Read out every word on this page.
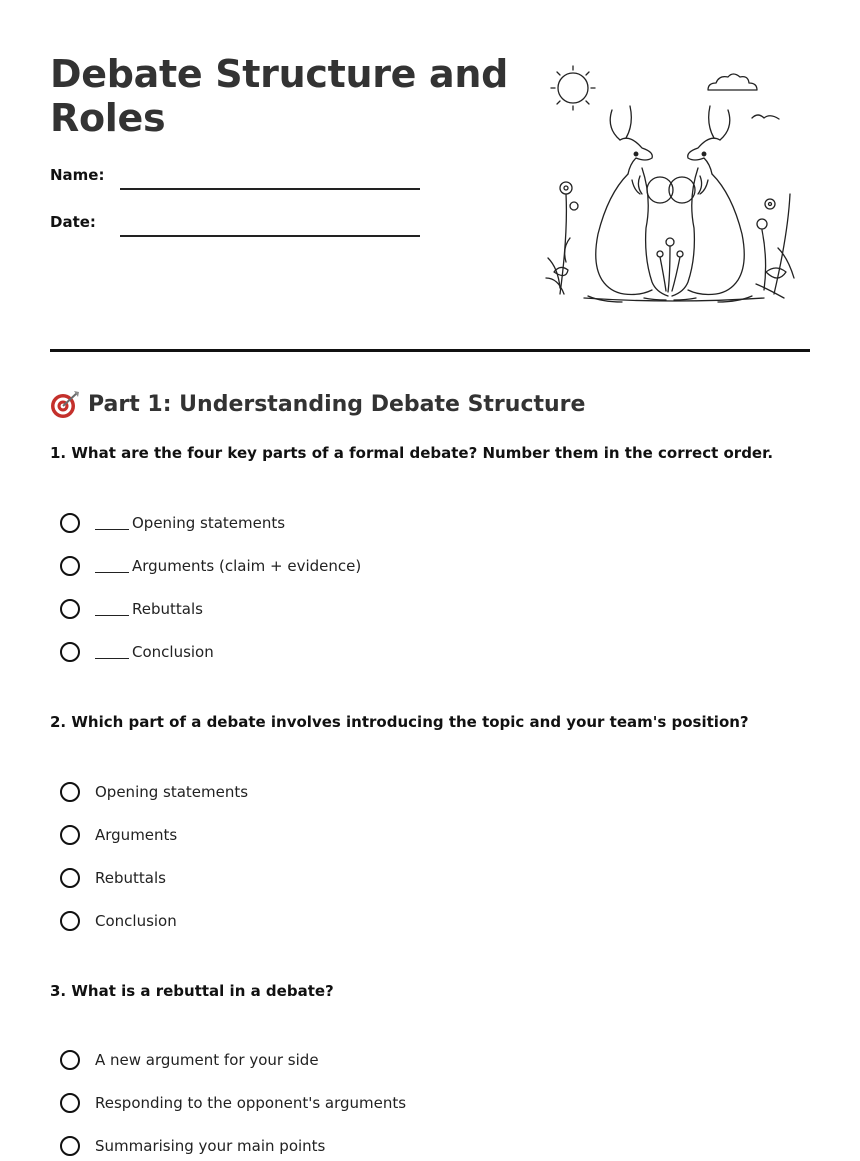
Debate Structure and Roles
Name:
Date:
Part 1: Understanding Debate Structure
1. What are the four key parts of a formal debate? Number them in the correct order.
Opening statements
Arguments (claim + evidence)
Rebuttals
Conclusion
2. Which part of a debate involves introducing the topic and your team's position?
Opening statements
Arguments
Rebuttals
Conclusion
3. What is a rebuttal in a debate?
A new argument for your side
Responding to the opponent's arguments
Summarising your main points
